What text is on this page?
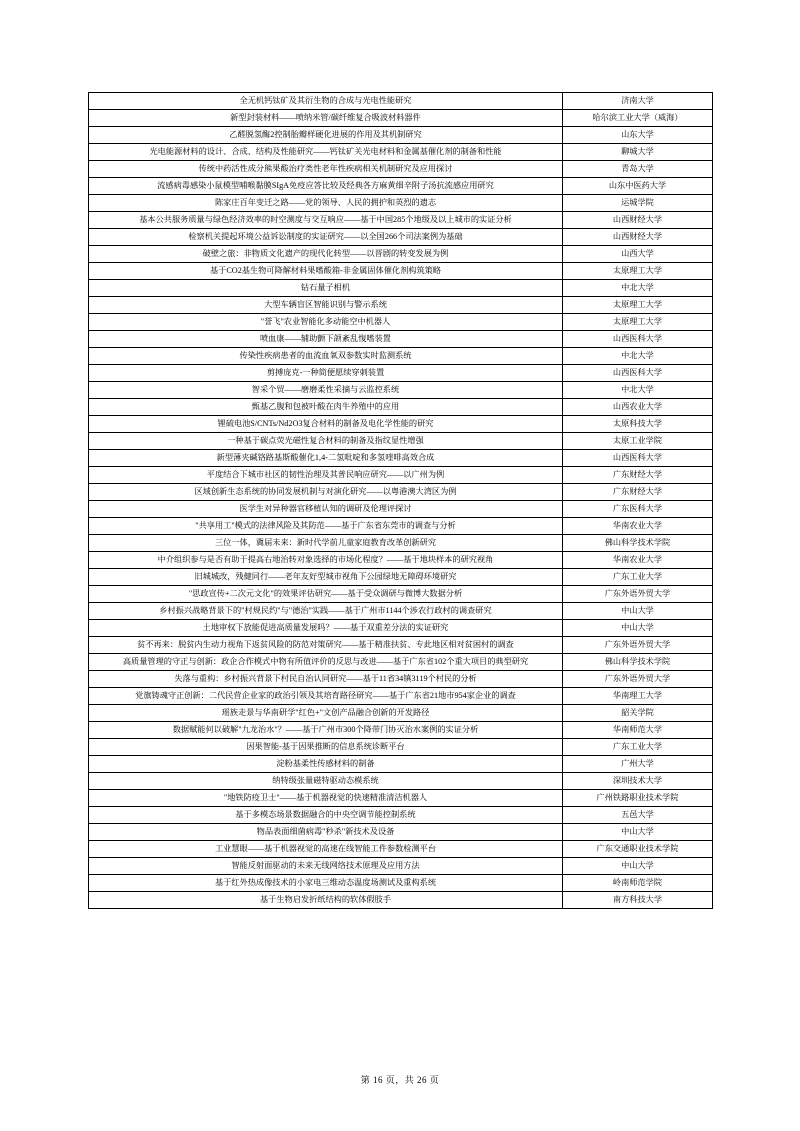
全无机钙钛矿及其衍生物的合成与光电性能研究	济南大学
新型封装材料——喷纳米管/碳纤维复合吸波材料器件	哈尔滨工业大学（威海）
乙醛脱氢酶2控制胎瓣样硬化进展的作用及其机制研究	山东大学
光电能源材料的设计、合成、结构及性能研究——钙钛矿关光电材料和金属基催化剂的制备和性能	聊城大学
传统中药活性成分熊果酸治疗类性老年性疾病相关机制研究及应用探讨	青岛大学
流感病毒感染小鼠模型哺喉黏膜SIgA免疫应答比较及经典各方麻黄细辛附子汤抗流感应用研究	山东中医药大学
陈家庄百年变迁之路——党的领导、人民的拥护和英烈的遗志	运城学院
基本公共服务质量与绿色经济效率的时空测度与交互响应——基于中国285个地级及以上城市的实证分析	山西财经大学
检察机关提起环境公益诉讼制度的实证研究——以全国266个司法案例为基础	山西财经大学
破壁之旅：非物质文化遗产的现代化转型——以晋剧的转变发展为例	山西大学
基于CO2基生物可降解材料果嗜酸箱-非金属固体催化剂构筑策略	太原理工大学
钻石量子相机	中北大学
大型车辆盲区智能识别与警示系统	太原理工大学
"誉飞"农业智能化多动能空中机器人	太原理工大学
喷血康——辅助颤下颌紊乱愎嗜装置	山西医科大学
传染性疾病患者的血流血氧双参数实时监测系统	中北大学
剪搏庞克-一种简便愿续穿刺装置	山西医科大学
智采个贸——磨磨柔性采摘与云监控系统	中北大学
甄基乙腹和包被叶酸在肉牛养殖中的应用	山西农业大学
锂硫电池S/CNTs/Nd2O3复合材料的制备及电化学性能的研究	太原科技大学
一种基于碳点荧光磁性复合材料的制备及指纹显性增强	太原工业学院
新型薄夹碱铬路基斯酸催化1,4-二氢吡啶和多氢喹啡高效合成	山西医科大学
平度结合下城市社区的韧性治理及其普民响应研究——以广州为例	广东财经大学
区域创新生态系统的协同发展机制与对演化研究——以粤港澳大湾区为例	广东财经大学
医学生对异种器官移植认知的调研及伦理评探讨	广东医科大学
"共享用工"模式的法律风险及其防范——基于广东省东莞市的调查与分析	华南农业大学
三位一体，冀届未来：新时代学前儿童家庭教育改革创新研究	佛山科学技术学院
中介组织参与是否有助于提高右地治转对象选择的市场化程度？——基于地块样本的研究视角	华南农业大学
旧城城改，残健同行——老年友好型城市视角下公园绿地无障碍环境研究	广东工业大学
"思政宣传+二次元文化"的效果评估研究——基于受众调研与微博大数据分析	广东外语外贸大学
乡村振兴战略背景下的"村规民约"与"德治"实践——基于广州市1144个涉农行政村的调查研究	中山大学
土地审权下放能促进高质量发展吗？——基于双重差分法的实证研究	中山大学
贫不再来：脱贫内生动力视角下返贫风险的防范对策研究——基于精准扶贫、专此地区相对贫困村的调查	广东外语外贸大学
高质量管理的守正与创新：政企合作模式中物有所值评价的反思与改进——基于广东省102个重大项目的典型研究	佛山科学技术学院
失落与重构：乡村振兴背景下村民自治认同研究——基于11省34镇3119个村民的分析	广东外语外贸大学
党旗铸魂守正创新：二代民营企业家的政治引领及其培育路径研究——基于广东省21地市954家企业的调查	华南理工大学
瑶族走景与华南研学"红色+"文创产品融合创新的开发路径	韶关学院
数据赋能何以破解"九龙治水"？——基于广州市300个降带门协灭治水案例的实证分析	华南师范大学
因果智能-基于因果推断的信息系统诊断平台	广东工业大学
淀粉基柔性传感材料的制备	广州大学
纳特级张量磁特驱动态模系统	深圳技术大学
"地铁防疫卫士"——基于机器视觉的快速精准清洁机器人	广州铁路职业技术学院
基于多模态场景数据融合的中央空调节能控制系统	五邑大学
物品表面细菌病毒"秒杀"新技术及设备	中山大学
工业慧眼——基于机器视觉的高速在线智能工件参数检测平台	广东交通职业技术学院
智能反射面驱动的未来无线网络技术原理及应用方法	中山大学
基于红外热成像技术的小家电三维动态温度场测试及重构系统	岭南师范学院
基于生物启发折纸结构的软体假肢手	南方科技大学
第 16 页，共 26 页
